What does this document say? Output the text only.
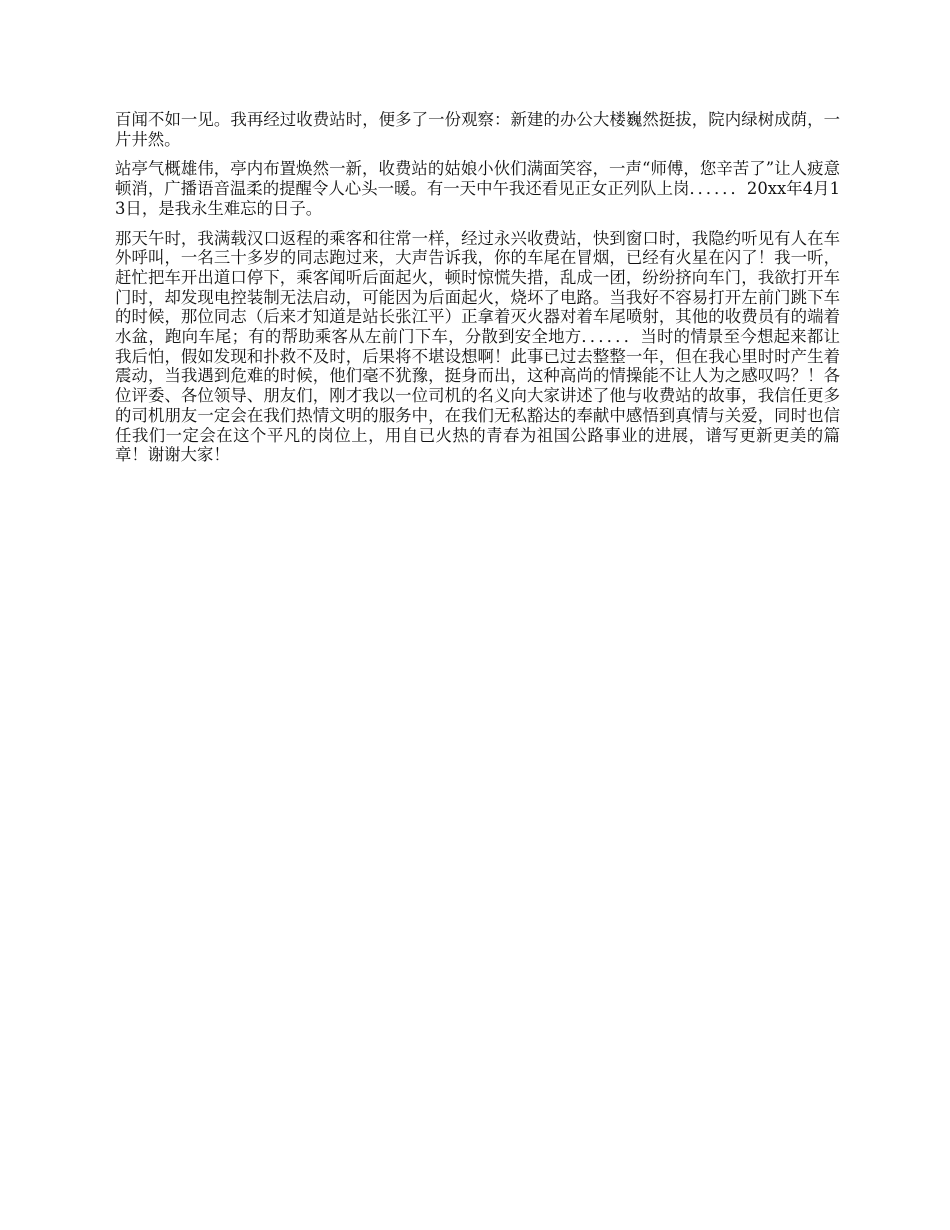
百闻不如一见。我再经过收费站时，便多了一份观察：新建的办公大楼巍然挺拔，院内绿树成荫，一片井然。

站亭气概雄伟，亭内布置焕然一新，收费站的姑娘小伙们满面笑容，一声“师傅，您辛苦了”让人疲意顿消，广播语音温柔的提醒令人心头一暖。有一天中午我还看见正女正列队上岗．．．．．．20xx年4月13日，是我永生难忘的日子。

那天午时，我满载汉口返程的乘客和往常一样，经过永兴收费站，快到窗口时，我隐约听见有人在车外呼叫，一名三十多岁的同志跑过来，大声告诉我，你的车尾在冒烟，已经有火星在闪了！我一听，赶忙把车开出道口停下，乘客闻听后面起火，顿时惊慌失措，乱成一团，纷纷挤向车门，我欲打开车门时，却发现电控装制无法启动，可能因为后面起火，烧坏了电路。当我好不容易打开左前门跳下车的时候，那位同志（后来才知道是站长张江平）正拿着灭火器对着车尾喷射，其他的收费员有的端着水盆，跑向车尾；有的帮助乘客从左前门下车，分散到安全地方．．．．．．当时的情景至今想起来都让我后怕，假如发现和扑救不及时，后果将不堪设想啊！此事已过去整整一年，但在我心里时时产生着震动，当我遇到危难的时候，他们毫不犹豫，挺身而出，这种高尚的情操能不让人为之感叹吗？！各位评委、各位领导、朋友们，刚才我以一位司机的名义向大家讲述了他与收费站的故事，我信任更多的司机朋友一定会在我们热情文明的服务中，在我们无私豁达的奉献中感悟到真情与关爱，同时也信任我们一定会在这个平凡的岗位上，用自已火热的青春为祖国公路事业的进展，谱写更新更美的篇章！谢谢大家！
